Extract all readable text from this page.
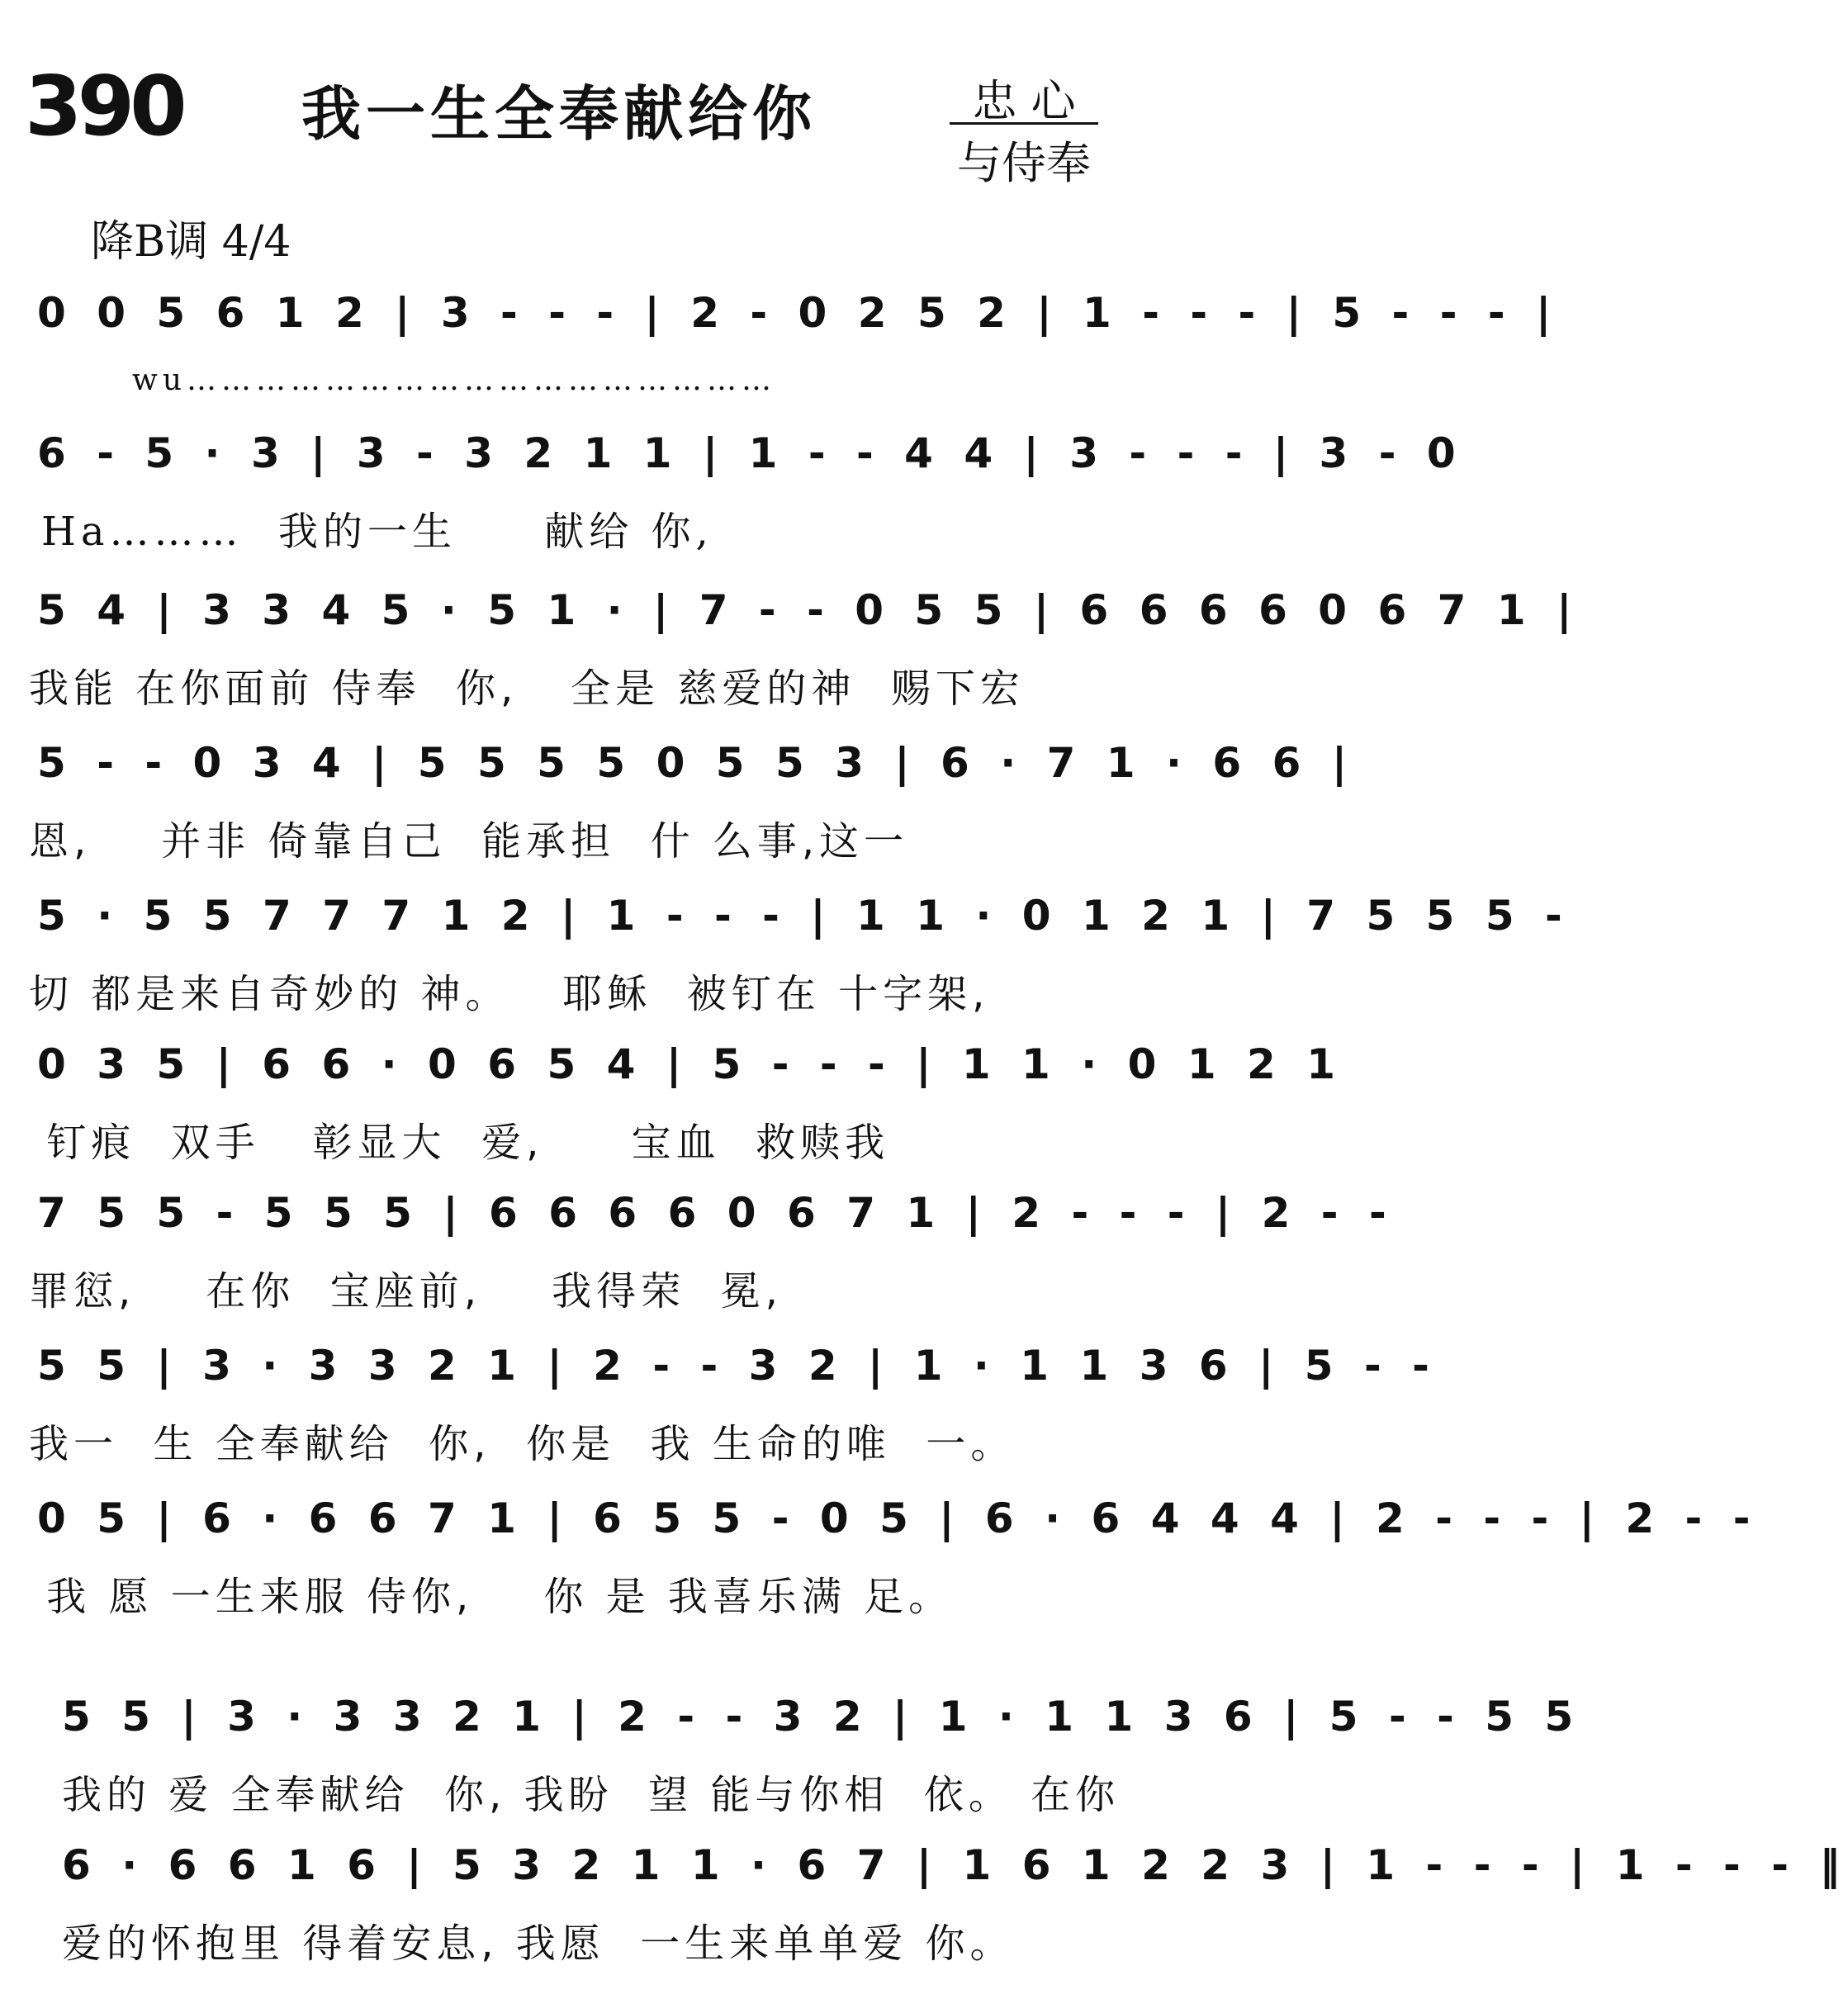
390 我一生全奉献给你	忠 心
与侍奉
降B调 4/4
0 0 5 6 1 2 | 3 - - - | 2 - 0 2 5 2 | 1 - - - | 5 - - - |
wu……………………………………………
6 - 5 · 3 | 3 - 3 2 1 1 | 1 - - 4 4 | 3 - - - | 3 - 0
Ha………  我的一生     献给 你,
5 4 | 3 3 4 5 · 5 1 · | 7 - - 0 5 5 | 6 6 6 6 0 6 7 1 |
我能 在你面前 侍奉  你,   全是 慈爱的神  赐下宏
5 - - 0 3 4 | 5 5 5 5 0 5 5 3 | 6 · 7 1 · 6 6 |
恩,    并非 倚靠自己  能承担  什 么事,这一
5 · 5 5 7 7 7 1 2 | 1 - - - | 1 1 · 0 1 2 1 | 7 5 5 5 -
切 都是来自奇妙的 神。   耶稣  被钉在 十字架,
0 3 5 | 6 6 · 0 6 5 4 | 5 - - - | 1 1 · 0 1 2 1
钉痕  双手   彰显大  爱,     宝血  救赎我
7 5 5 - 5 5 5 | 6 6 6 6 0 6 7 1 | 2 - - - | 2 - -
罪愆,    在你  宝座前,    我得荣  冕,
5 5 | 3 · 3 3 2 1 | 2 - - 3 2 | 1 · 1 1 3 6 | 5 - -
我一  生 全奉献给  你,  你是  我 生命的唯  一。
0 5 | 6 · 6 6 7 1 | 6 5 5 - 0 5 | 6 · 6 4 4 4 | 2 - - - | 2 - -
我 愿 一生来服 侍你,    你 是 我喜乐满 足。
5 5 | 3 · 3 3 2 1 | 2 - - 3 2 | 1 · 1 1 3 6 | 5 - - 5 5
我的 爱 全奉献给  你, 我盼  望 能与你相  依。 在你
6 · 6 6 1 6 | 5 3 2 1 1 · 6 7 | 1 6 1 2 2 3 | 1 - - - | 1 - - - ‖
爱的怀抱里 得着安息, 我愿  一生来单单爱 你。
